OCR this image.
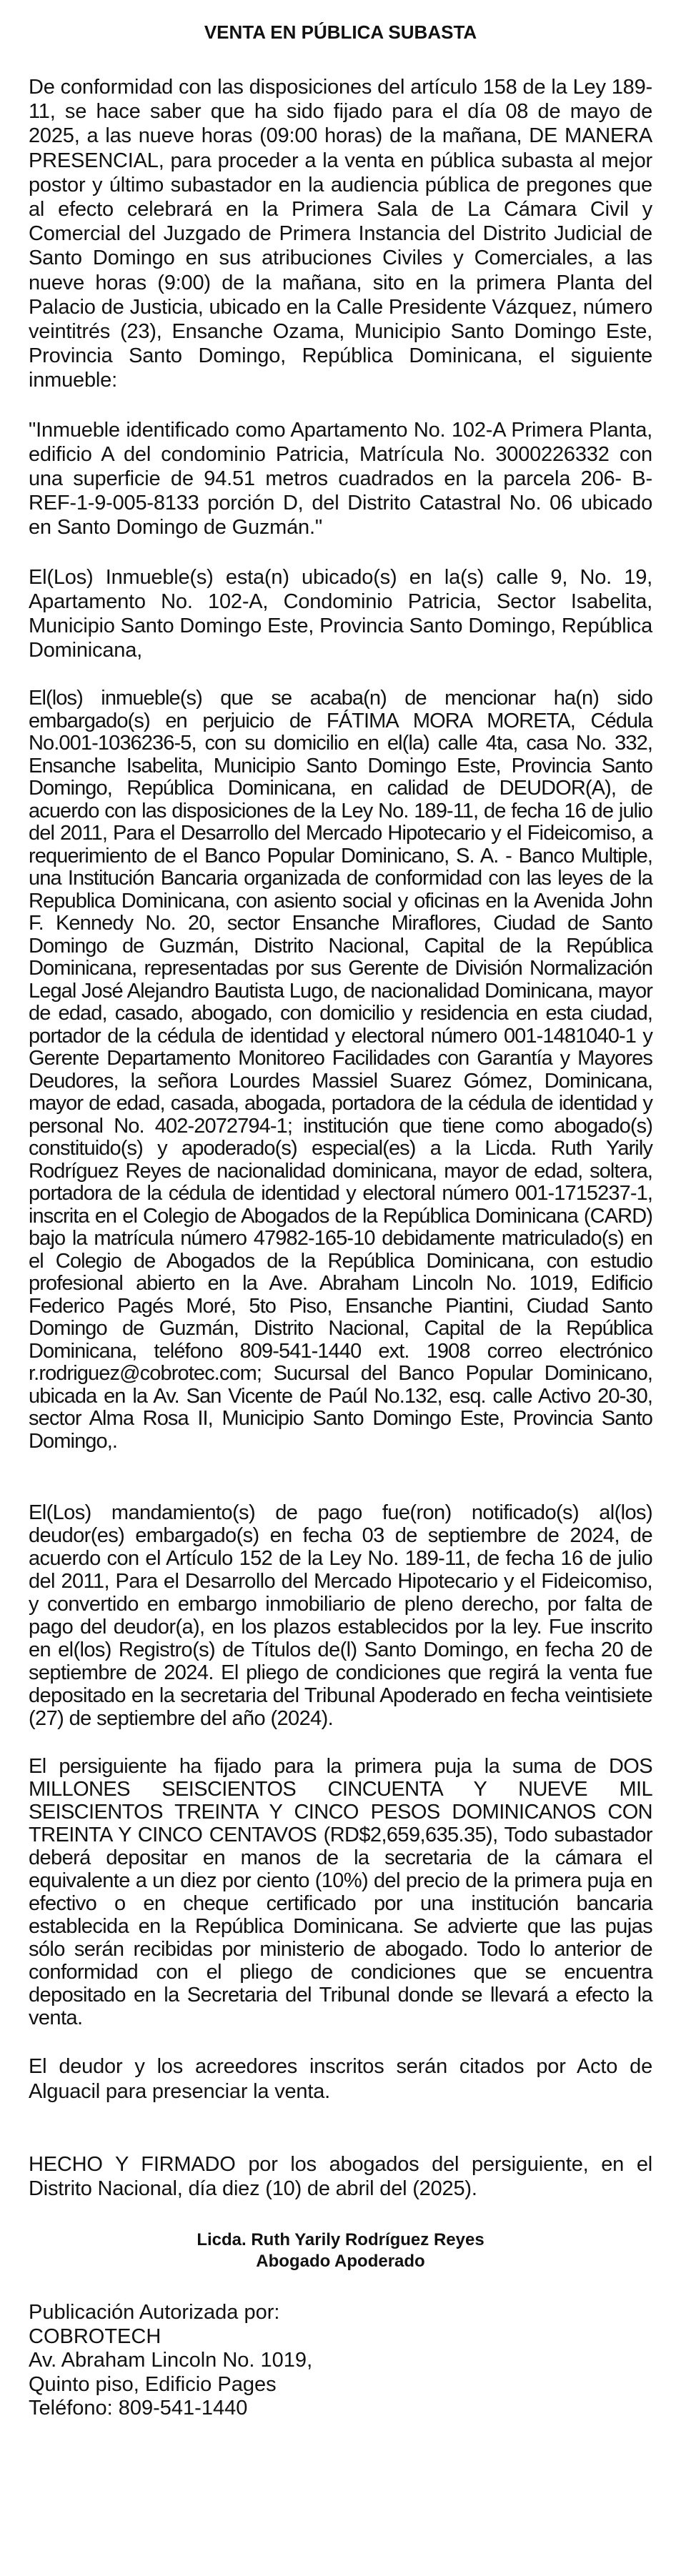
VENTA EN PÚBLICA SUBASTA

De conformidad con las disposiciones del artículo 158 de la Ley 189-11, se hace saber que ha sido fijado para el día 08 de mayo de 2025, a las nueve horas (09:00 horas) de la mañana, DE MANERA PRESENCIAL, para proceder a la venta en pública subasta al mejor postor y último subastador en la audiencia pública de pregones que al efecto celebrará en la Primera Sala de La Cámara Civil y Comercial del Juzgado de Primera Instancia del Distrito Judicial de Santo Domingo en sus atribuciones Civiles y Comerciales, a las nueve horas (9:00) de la mañana, sito en la primera Planta del Palacio de Justicia, ubicado en la Calle Presidente Vázquez, número veintitrés (23), Ensanche Ozama, Municipio Santo Domingo Este, Provincia Santo Domingo, República Dominicana, el siguiente inmueble:

"Inmueble identificado como Apartamento No. 102-A Primera Planta, edificio A del condominio Patricia, Matrícula No. 3000226332 con una superficie de 94.51 metros cuadrados en la parcela 206- B-REF-1-9-005-8133 porción D, del Distrito Catastral No. 06 ubicado en Santo Domingo de Guzmán."

El(Los) Inmueble(s) esta(n) ubicado(s) en la(s) calle 9, No. 19, Apartamento No. 102-A, Condominio Patricia, Sector Isabelita, Municipio Santo Domingo Este, Provincia Santo Domingo, República Dominicana,

El(los) inmueble(s) que se acaba(n) de mencionar ha(n) sido embargado(s) en perjuicio de FÁTIMA MORA MORETA, Cédula No.001-1036236-5, con su domicilio en el(la) calle 4ta, casa No. 332, Ensanche Isabelita, Municipio Santo Domingo Este, Provincia Santo Domingo, República Dominicana, en calidad de DEUDOR(A), de acuerdo con las disposiciones de la Ley No. 189-11, de fecha 16 de julio del 2011, Para el Desarrollo del Mercado Hipotecario y el Fideicomiso, a requerimiento de el Banco Popular Dominicano, S. A. - Banco Multiple, una Institución Bancaria organizada de conformidad con las leyes de la Republica Dominicana, con asiento social y oficinas en la Avenida John F. Kennedy No. 20, sector Ensanche Miraflores, Ciudad de Santo Domingo de Guzmán, Distrito Nacional, Capital de la República Dominicana, representadas por sus Gerente de División Normalización Legal José Alejandro Bautista Lugo, de nacionalidad Dominicana, mayor de edad, casado, abogado, con domicilio y residencia en esta ciudad, portador de la cédula de identidad y electoral número 001-1481040-1 y Gerente Departamento Monitoreo Facilidades con Garantía y Mayores Deudores, la señora Lourdes Massiel Suarez Gómez, Dominicana, mayor de edad, casada, abogada, portadora de la cédula de identidad y personal No. 402-2072794-1; institución que tiene como abogado(s) constituido(s) y apoderado(s) especial(es) a la Licda. Ruth Yarily Rodríguez Reyes de nacionalidad dominicana, mayor de edad, soltera, portadora de la cédula de identidad y electoral número 001-1715237-1, inscrita en el Colegio de Abogados de la República Dominicana (CARD) bajo la matrícula número 47982-165-10 debidamente matriculado(s) en el Colegio de Abogados de la República Dominicana, con estudio profesional abierto en la Ave. Abraham Lincoln No. 1019, Edificio Federico Pagés Moré, 5to Piso, Ensanche Piantini, Ciudad Santo Domingo de Guzmán, Distrito Nacional, Capital de la República Dominicana, teléfono 809-541-1440 ext. 1908 correo electrónico r.rodriguez@cobrotec.com; Sucursal del Banco Popular Dominicano, ubicada en la Av. San Vicente de Paúl No.132, esq. calle Activo 20-30, sector Alma Rosa II, Municipio Santo Domingo Este, Provincia Santo Domingo,.

El(Los) mandamiento(s) de pago fue(ron) notificado(s) al(los) deudor(es) embargado(s) en fecha 03 de septiembre de 2024, de acuerdo con el Artículo 152 de la Ley No. 189-11, de fecha 16 de julio del 2011, Para el Desarrollo del Mercado Hipotecario y el Fideicomiso, y convertido en embargo inmobiliario de pleno derecho, por falta de pago del deudor(a), en los plazos establecidos por la ley. Fue inscrito en el(los) Registro(s) de Títulos de(l) Santo Domingo, en fecha 20 de septiembre de 2024. El pliego de condiciones que regirá la venta fue depositado en la secretaria del Tribunal Apoderado en fecha veintisiete (27) de septiembre del año (2024).

El persiguiente ha fijado para la primera puja la suma de DOS MILLONES SEISCIENTOS CINCUENTA Y NUEVE MIL SEISCIENTOS TREINTA Y CINCO PESOS DOMINICANOS CON TREINTA Y CINCO CENTAVOS (RD$2,659,635.35), Todo subastador deberá depositar en manos de la secretaria de la cámara el equivalente a un diez por ciento (10%) del precio de la primera puja en efectivo o en cheque certificado por una institución bancaria establecida en la República Dominicana. Se advierte que las pujas sólo serán recibidas por ministerio de abogado. Todo lo anterior de conformidad con el pliego de condiciones que se encuentra depositado en la Secretaria del Tribunal donde se llevará a efecto la venta.

El deudor y los acreedores inscritos serán citados por Acto de Alguacil para presenciar la venta.

HECHO Y FIRMADO por los abogados del persiguiente, en el Distrito Nacional, día diez (10) de abril del (2025).

Licda. Ruth Yarily Rodríguez Reyes
Abogado Apoderado
Publicación Autorizada por:
COBROTECH
Av. Abraham Lincoln No. 1019,
Quinto piso, Edificio Pages
Teléfono: 809-541-1440
